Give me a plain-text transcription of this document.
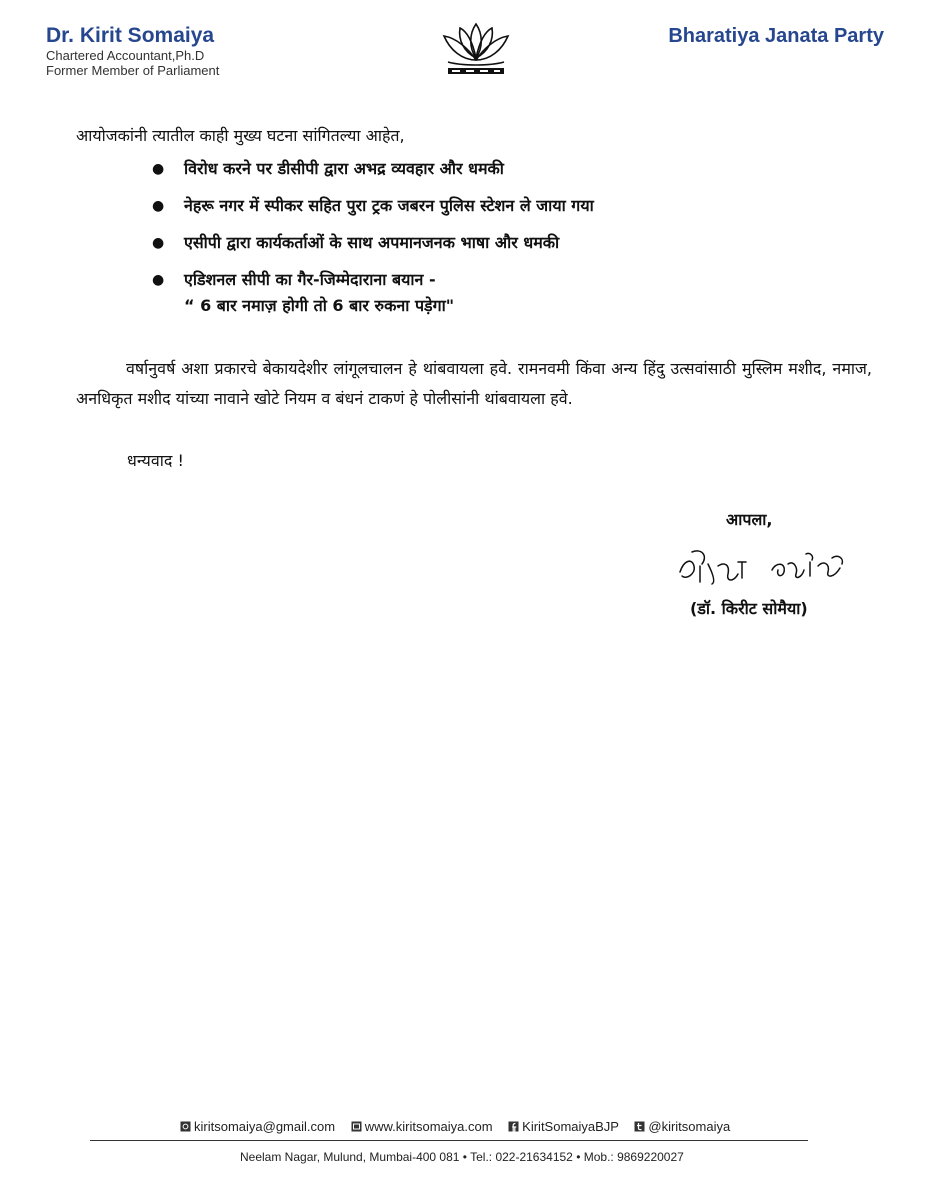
Dr. Kirit Somaiya

Chartered Accountant,Ph.D

Former Member of Parliament

Bharatiya Janata Party
आयोजकांनी त्यातील काही मुख्य घटना सांगितल्या आहेत,
● विरोध करने पर डीसीपी द्वारा अभद्र व्यवहार और धमकी
● नेहरू नगर में स्पीकर सहित पुरा ट्रक जबरन पुलिस स्टेशन ले जाया गया
● एसीपी द्वारा कार्यकर्ताओं के साथ अपमानजनक भाषा और धमकी
● एडिशनल सीपी का गैर-जिम्मेदाराना बयान -
“ 6 बार नमाज़ होगी तो 6 बार रुकना पड़ेगा"

वर्षानुवर्ष अशा प्रकारचे बेकायदेशीर लांगूलचालन हे थांबवायला हवे. रामनवमी किंवा अन्य हिंदु उत्सवांसाठी मुस्लिम मशीद, नमाज, अनधिकृत मशीद यांच्या नावाने खोटे नियम व बंधनं टाकणं हे पोलीसांनी थांबवायला हवे.

धन्यवाद !
आपला,
(डॉ. किरीट सोमैया)
kiritsomaiya@gmail.com www.kiritsomaiya.com KiritSomaiyaBJP @kiritsomaiya
Neelam Nagar, Mulund, Mumbai-400 081 • Tel.: 022-21634152 • Mob.: 9869220027
